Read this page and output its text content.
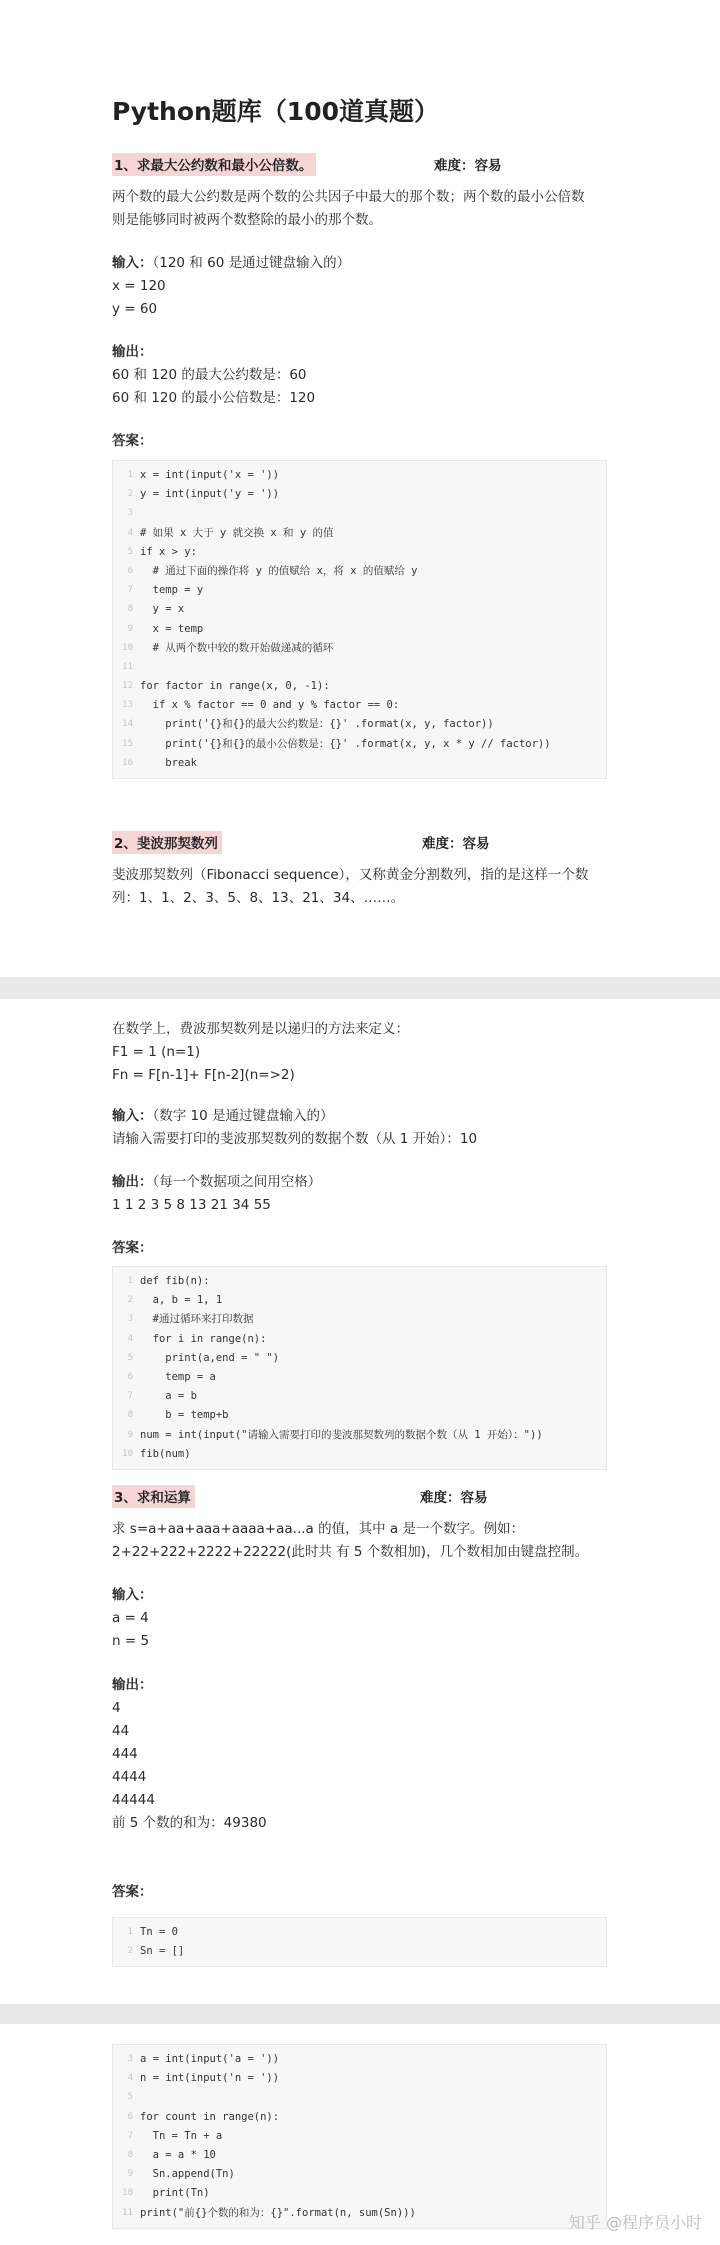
Python题库（100道真题）
1、求最大公约数和最小公倍数。	难度：容易

两个数的最大公约数是两个数的公共因子中最大的那个数；两个数的最小公倍数

则是能够同时被两个数整除的最小的那个数。

输入：（120 和 60 是通过键盘输入的）

x = 120

y = 60

输出：

60 和 120 的最大公约数是：60

60 和 120 的最小公倍数是：120

答案：

1 x = int(input('x = '))
2 y = int(input('y = '))
3
4 # 如果 x 大于 y 就交换 x 和 y 的值
5 if x > y:
6 # 通过下面的操作将 y 的值赋给 x，将 x 的值赋给 y
7 temp = y
8 y = x
9 x = temp
10 # 从两个数中较的数开始做递减的循环
11
12 for factor in range(x, 0, -1):
13 if x % factor == 0 and y % factor == 0:
14 print('{}和{}的最大公约数是：{}' .format(x, y, factor))
15 print('{}和{}的最小公倍数是：{}' .format(x, y, x * y // factor))
16 break
2、斐波那契数列	难度：容易

斐波那契数列（Fibonacci sequence），又称黄金分割数列，指的是这样一个数

列：1、1、2、3、5、8、13、21、34、……。

在数学上，费波那契数列是以递归的方法来定义：

F1 = 1 (n=1)

Fn = F[n-1]+ F[n-2](n=>2)

输入：（数字 10 是通过键盘输入的）

请输入需要打印的斐波那契数列的数据个数（从 1 开始）：10

输出：（每一个数据项之间用空格）

1 1 2 3 5 8 13 21 34 55

答案：

1 def fib(n):
2 a, b = 1, 1
3 #通过循环来打印数据
4 for i in range(n):
5 print(a,end = " ")
6 temp = a
7 a = b
8 b = temp+b
9 num = int(input("请输入需要打印的斐波那契数列的数据个数（从 1 开始）："))
10 fib(num)
3、求和运算	难度：容易

求 s=a+aa+aaa+aaaa+aa...a 的值，其中 a 是一个数字。例如：

2+22+222+2222+22222(此时共 有 5 个数相加)，几个数相加由键盘控制。

输入：

a = 4

n = 5

输出：

4

44

444

4444

44444

前 5 个数的和为：49380

答案：

1 Tn = 0
2 Sn = []
3 a = int(input('a = '))
4 n = int(input('n = '))
5
6 for count in range(n):
7 Tn = Tn + a
8 a = a * 10
9 Sn.append(Tn)
10 print(Tn)
11 print("前{}个数的和为：{}".format(n, sum(Sn)))
知乎 @程序员小时
